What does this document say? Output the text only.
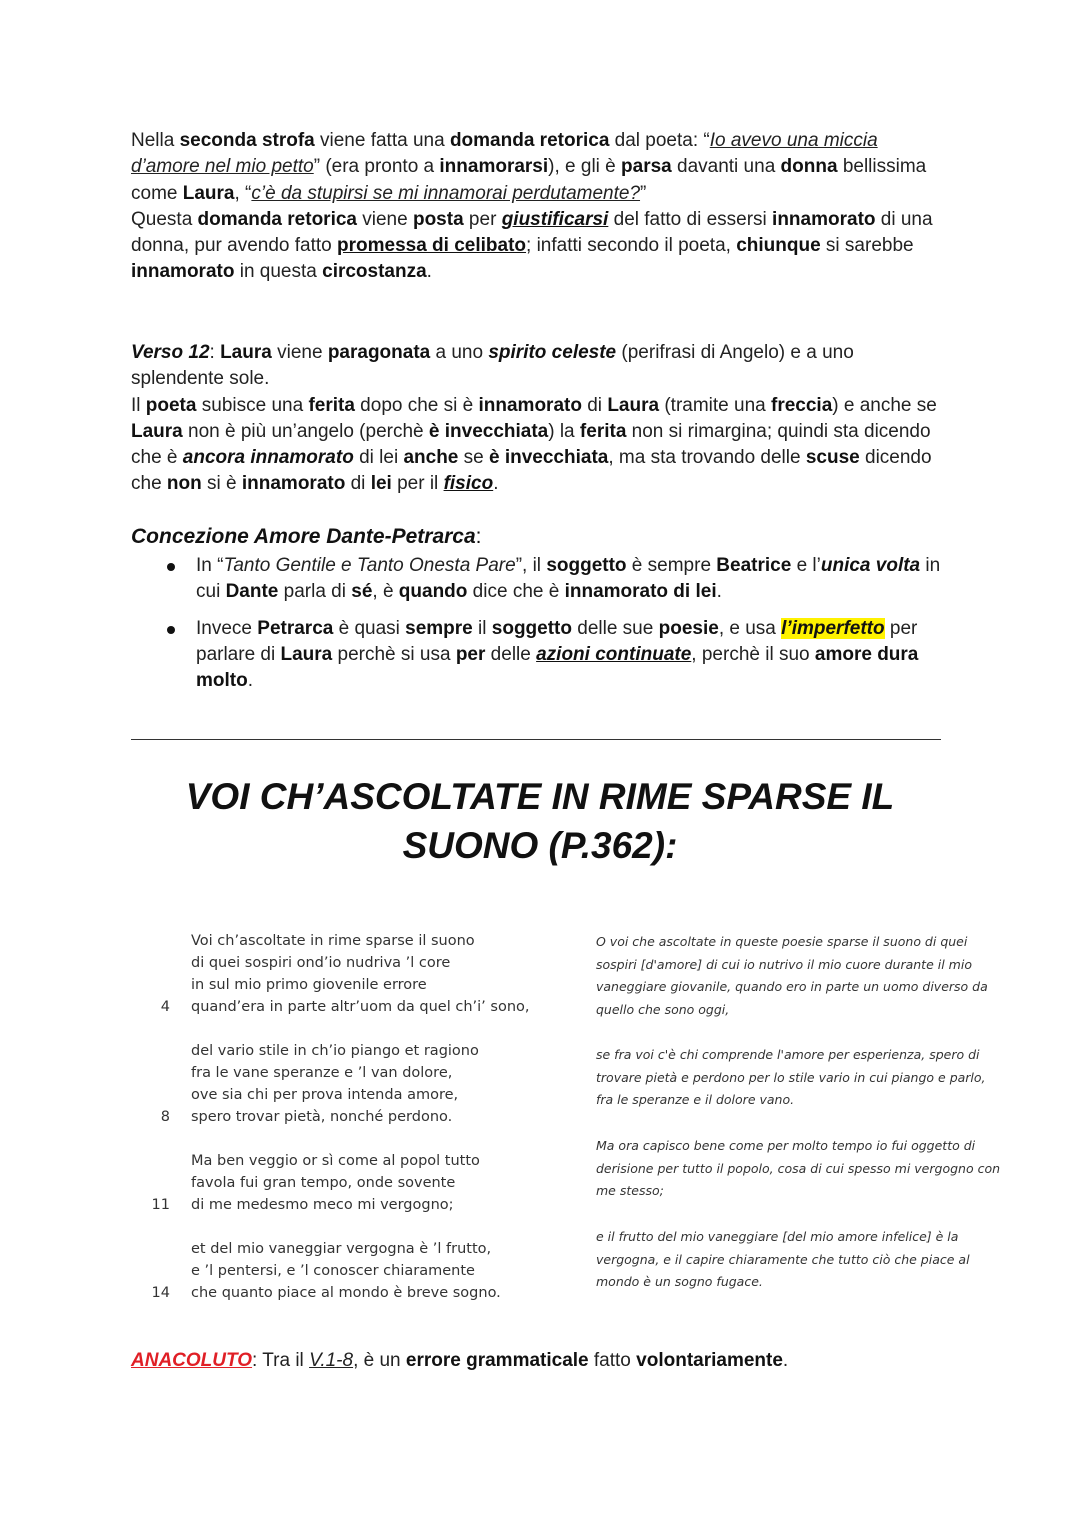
Nella seconda strofa viene fatta una domanda retorica dal poeta: “Io avevo una miccia d’amore nel mio petto” (era pronto a innamorarsi), e gli è parsa davanti una donna bellissima come Laura, “c’è da stupirsi se mi innamorai perdutamente?”

Questa domanda retorica viene posta per giustificarsi del fatto di essersi innamorato di una donna, pur avendo fatto promessa di celibato; infatti secondo il poeta, chiunque si sarebbe innamorato in questa circostanza.

Verso 12: Laura viene paragonata a uno spirito celeste (perifrasi di Angelo) e a uno splendente sole.

Il poeta subisce una ferita dopo che si è innamorato di Laura (tramite una freccia) e anche se Laura non è più un’angelo (perchè è invecchiata) la ferita non si rimargina; quindi sta dicendo che è ancora innamorato di lei anche se è invecchiata, ma sta trovando delle scuse dicendo che non si è innamorato di lei per il fisico.

Concezione Amore Dante-Petrarca:
In “Tanto Gentile e Tanto Onesta Pare”, il soggetto è sempre Beatrice e l’unica volta in cui Dante parla di sé, è quando dice che è innamorato di lei.
Invece Petrarca è quasi sempre il soggetto delle sue poesie, e usa l’imperfetto per parlare di Laura perchè si usa per delle azioni continuate, perchè il suo amore dura molto.
VOI CH’ASCOLTATE IN RIME SPARSE IL
SUONO (P.362):
Voi ch’ascoltate in rime sparse il suono
di quei sospiri ond’io nudriva ’l core
in sul mio primo giovenile errore
4 quand’era in parte altr’uom da quel ch’i’ sono,
del vario stile in ch’io piango et ragiono
fra le vane speranze e ’l van dolore,
ove sia chi per prova intenda amore,
8 spero trovar pietà, nonché perdono.
Ma ben veggio or sì come al popol tutto
favola fui gran tempo, onde sovente
11 di me medesmo meco mi vergogno;
et del mio vaneggiar vergogna è ’l frutto,
e ’l pentersi, e ’l conoscer chiaramente
14 che quanto piace al mondo è breve sogno.

O voi che ascoltate in queste poesie sparse il suono di quei sospiri [d'amore] di cui io nutrivo il mio cuore durante il mio vaneggiare giovanile, quando ero in parte un uomo diverso da quello che sono oggi,

se fra voi c'è chi comprende l'amore per esperienza, spero di trovare pietà e perdono per lo stile vario in cui piango e parlo, fra le speranze e il dolore vano.

Ma ora capisco bene come per molto tempo io fui oggetto di derisione per tutto il popolo, cosa di cui spesso mi vergogno con me stesso;

e il frutto del mio vaneggiare [del mio amore infelice] è la vergogna, e il capire chiaramente che tutto ciò che piace al mondo è un sogno fugace.

ANACOLUTO: Tra il V.1-8, è un errore grammaticale fatto volontariamente.
